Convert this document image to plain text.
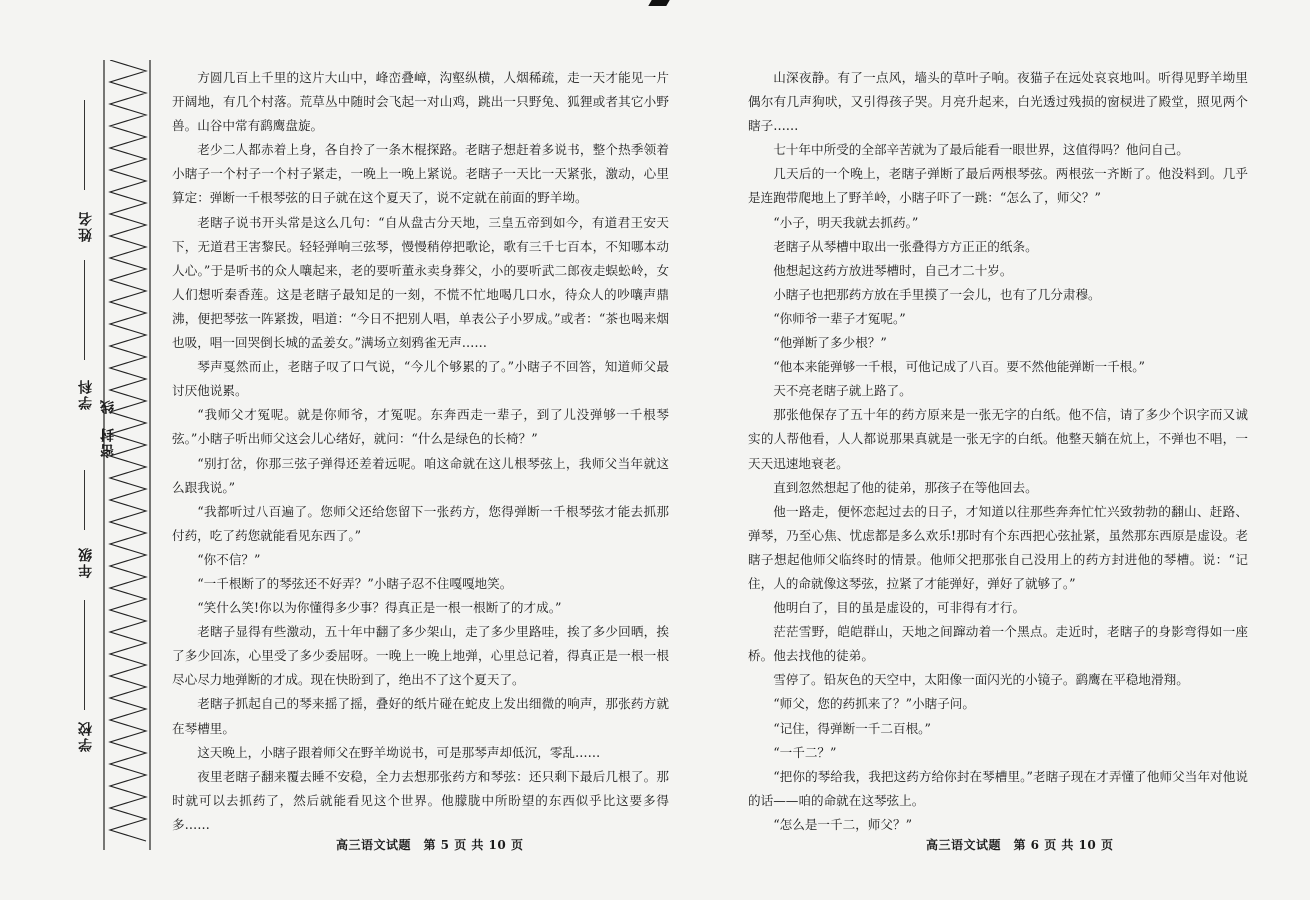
姓名
学科 线
封
密
年级
学校

方圆几百上千里的这片大山中，峰峦叠嶂，沟壑纵横，人烟稀疏，走一天才能见一片开阔地，有几个村落。荒草丛中随时会飞起一对山鸡，跳出一只野兔、狐狸或者其它小野兽。山谷中常有鹞鹰盘旋。

老少二人都赤着上身，各自拎了一条木棍探路。老瞎子想赶着多说书，整个热季领着小瞎子一个村子一个村子紧走，一晚上一晚上紧说。老瞎子一天比一天紧张，激动，心里算定：弹断一千根琴弦的日子就在这个夏天了，说不定就在前面的野羊坳。

老瞎子说书开头常是这么几句：“自从盘古分天地，三皇五帝到如今，有道君王安天下，无道君王害黎民。轻轻弹响三弦琴，慢慢稍停把歌论，歌有三千七百本，不知哪本动人心。”于是听书的众人嚷起来，老的要听董永卖身葬父，小的要听武二郎夜走蜈蚣岭，女人们想听秦香莲。这是老瞎子最知足的一刻，不慌不忙地喝几口水，待众人的吵嚷声鼎沸，便把琴弦一阵紧拨，唱道：“今日不把别人唱，单表公子小罗成。”或者：“茶也喝来烟也吸，唱一回哭倒长城的孟姜女。”满场立刻鸦雀无声……

琴声戛然而止，老瞎子叹了口气说，“今儿个够累的了。”小瞎子不回答，知道师父最讨厌他说累。

“我师父才冤呢。就是你师爷，才冤呢。东奔西走一辈子，到了儿没弹够一千根琴弦。”小瞎子听出师父这会儿心绪好，就问：“什么是绿色的长椅？”

“别打岔，你那三弦子弹得还差着远呢。咱这命就在这儿根琴弦上，我师父当年就这么跟我说。”

“我都听过八百遍了。您师父还给您留下一张药方，您得弹断一千根琴弦才能去抓那付药，吃了药您就能看见东西了。”

“你不信？”

“一千根断了的琴弦还不好弄？”小瞎子忍不住嘎嘎地笑。

“笑什么笑!你以为你懂得多少事？得真正是一根一根断了的才成。”

老瞎子显得有些激动，五十年中翻了多少架山，走了多少里路哇，挨了多少回晒，挨了多少回冻，心里受了多少委屈呀。一晚上一晚上地弹，心里总记着，得真正是一根一根尽心尽力地弹断的才成。现在快盼到了，绝出不了这个夏天了。

老瞎子抓起自己的琴来摇了摇，叠好的纸片碰在蛇皮上发出细微的响声，那张药方就在琴槽里。

这天晚上，小瞎子跟着师父在野羊坳说书，可是那琴声却低沉，零乱……

夜里老瞎子翻来覆去睡不安稳，全力去想那张药方和琴弦：还只剩下最后几根了。那时就可以去抓药了，然后就能看见这个世界。他朦胧中所盼望的东西似乎比这要多得多……

高三语文试题　第 5 页 共 10 页

山深夜静。有了一点风，墙头的草叶子响。夜猫子在远处哀哀地叫。听得见野羊坳里偶尔有几声狗吠，又引得孩子哭。月亮升起来，白光透过残损的窗棂进了殿堂，照见两个瞎子……

七十年中所受的全部辛苦就为了最后能看一眼世界，这值得吗？他问自己。

几天后的一个晚上，老瞎子弹断了最后两根琴弦。两根弦一齐断了。他没料到。几乎是连跑带爬地上了野羊岭，小瞎子吓了一跳：“怎么了，师父？”

“小子，明天我就去抓药。”

老瞎子从琴槽中取出一张叠得方方正正的纸条。

他想起这药方放进琴槽时，自己才二十岁。

小瞎子也把那药方放在手里摸了一会儿，也有了几分肃穆。

“你师爷一辈子才冤呢。”

“他弹断了多少根？”

“他本来能弹够一千根，可他记成了八百。要不然他能弹断一千根。”

天不亮老瞎子就上路了。

那张他保存了五十年的药方原来是一张无字的白纸。他不信，请了多少个识字而又诚实的人帮他看，人人都说那果真就是一张无字的白纸。他整天躺在炕上，不弹也不唱，一天天迅速地衰老。

直到忽然想起了他的徒弟，那孩子在等他回去。

他一路走，便怀恋起过去的日子，才知道以往那些奔奔忙忙兴致勃勃的翻山、赶路、弹琴，乃至心焦、忧虑都是多么欢乐!那时有个东西把心弦扯紧，虽然那东西原是虚设。老瞎子想起他师父临终时的情景。他师父把那张自己没用上的药方封进他的琴槽。说：“记住，人的命就像这琴弦，拉紧了才能弹好，弹好了就够了。”

他明白了，目的虽是虚设的，可非得有才行。

茫茫雪野，皑皑群山，天地之间蹿动着一个黑点。走近时，老瞎子的身影弯得如一座桥。他去找他的徒弟。

雪停了。铅灰色的天空中，太阳像一面闪光的小镜子。鹞鹰在平稳地滑翔。

“师父，您的药抓来了？”小瞎子问。

“记住，得弹断一千二百根。”

“一千二？”

“把你的琴给我，我把这药方给你封在琴槽里。”老瞎子现在才弄懂了他师父当年对他说的话——咱的命就在这琴弦上。

“怎么是一千二，师父？”

高三语文试题　第 6 页 共 10 页
